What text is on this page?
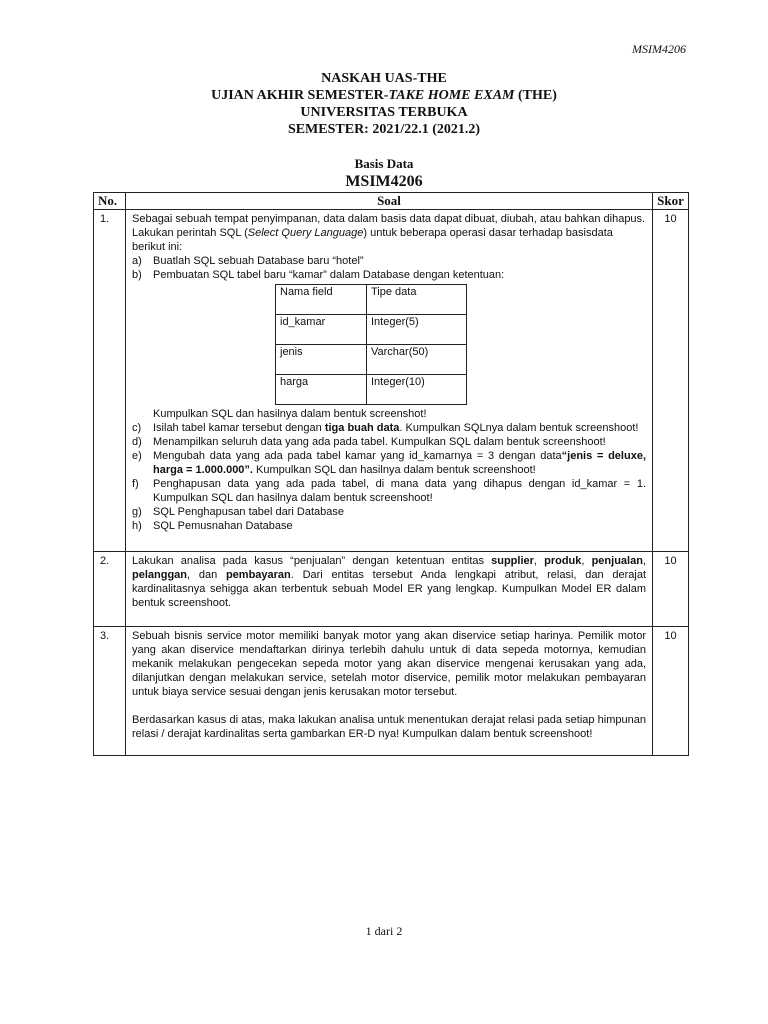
MSIM4206
NASKAH UAS-THE
UJIAN AKHIR SEMESTER-TAKE HOME EXAM (THE)
UNIVERSITAS TERBUKA
SEMESTER: 2021/22.1 (2021.2)
Basis Data
MSIM4206
No.	Soal	Skor
1.	Sebagai sebuah tempat penyimpanan, data dalam basis data dapat dibuat, diubah, atau bahkan dihapus. Lakukan perintah SQL (Select Query Language) untuk beberapa operasi dasar terhadap basisdata berikut ini:
a) Buatlah SQL sebuah Database baru “hotel”
b) Pembuatan SQL tabel baru “kamar” dalam Database dengan ketentuan:
Nama field	Tipe data
id_kamar	Integer(5)
jenis	Varchar(50)
harga	Integer(10)
Kumpulkan SQL dan hasilnya dalam bentuk screenshot!
c) Isilah tabel kamar tersebut dengan tiga buah data. Kumpulkan SQLnya dalam bentuk screenshoot!
d) Menampilkan seluruh data yang ada pada tabel. Kumpulkan SQL dalam bentuk screenshoot!
e) Mengubah data yang ada pada tabel kamar yang id_kamarnya = 3 dengan data“jenis = deluxe, harga = 1.000.000”. Kumpulkan SQL dan hasilnya dalam bentuk screenshoot!
f) Penghapusan data yang ada pada tabel, di mana data yang dihapus dengan id_kamar = 1. Kumpulkan SQL dan hasilnya dalam bentuk screenshoot!
g) SQL Penghapusan tabel dari Database
h) SQL Pemusnahan Database
	10
2.	Lakukan analisa pada kasus “penjualan” dengan ketentuan entitas supplier, produk, penjualan, pelanggan, dan pembayaran. Dari entitas tersebut Anda lengkapi atribut, relasi, dan derajat kardinalitasnya sehigga akan terbentuk sebuah Model ER yang lengkap. Kumpulkan Model ER dalam bentuk screenshoot.	10
3.	Sebuah bisnis service motor memiliki banyak motor yang akan diservice setiap harinya. Pemilik motor yang akan diservice mendaftarkan dirinya terlebih dahulu untuk di data sepeda motornya, kemudian mekanik melakukan pengecekan sepeda motor yang akan diservice mengenai kerusakan yang ada, dilanjutkan dengan melakukan service, setelah motor diservice, pemilik motor melakukan pembayaran untuk biaya service sesuai dengan jenis kerusakan motor tersebut.
Berdasarkan kasus di atas, maka lakukan analisa untuk menentukan derajat relasi pada setiap himpunan relasi / derajat kardinalitas serta gambarkan ER-D nya! Kumpulkan dalam bentuk screenshoot!
	10
1 dari 2
